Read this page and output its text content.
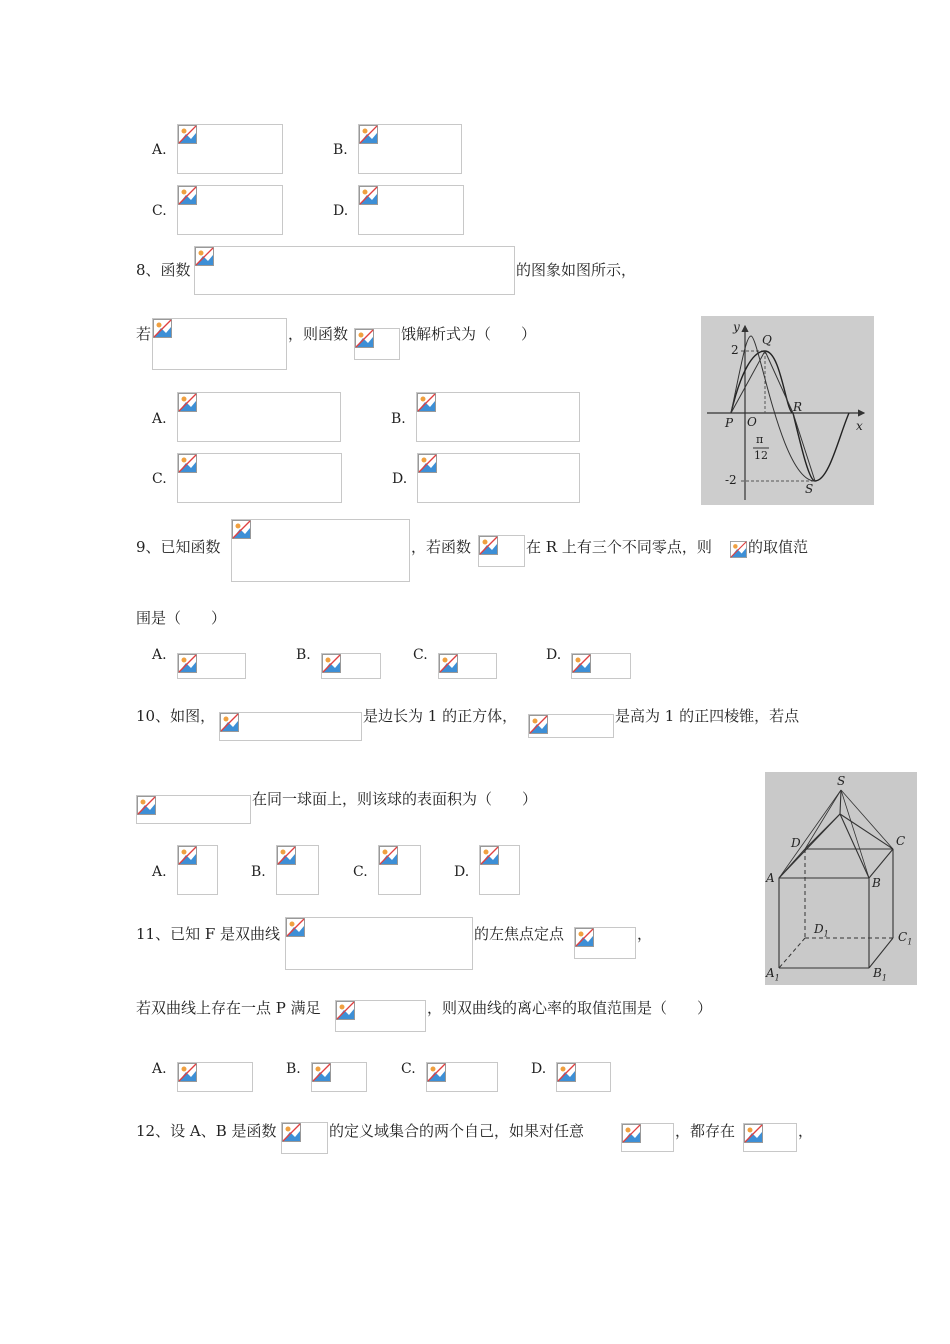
A.	B.
C.	D.
8、函数	的图象如图所示，
若	，则函数	饿解析式为（　　）
A.	B.
C.	D.
y
x
O
P
Q
R
S
2
-2
π
12
9、已知函数	，若函数	在 R 上有三个不同零点，则 的取值范
围是（　　）
A.	B.	C.	D.
10、如图，	是边长为 1 的正方体，	是高为 1 的正四棱锥，若点
在同一球面上，则该球的表面积为（　　）
A.	B.	C.	D.
S
A	B
C
D
$A_1$	$B_1$
$C_1$
$D_1$
11、已知 F 是双曲线	的左焦点定点	，
若双曲线上存在一点 P 满足	，则双曲线的离心率的取值范围是（　　）
A.	B.	C.	D.
12、设 A、B 是函数	的定义域集合的两个自己，如果对任意	，都存在	，
